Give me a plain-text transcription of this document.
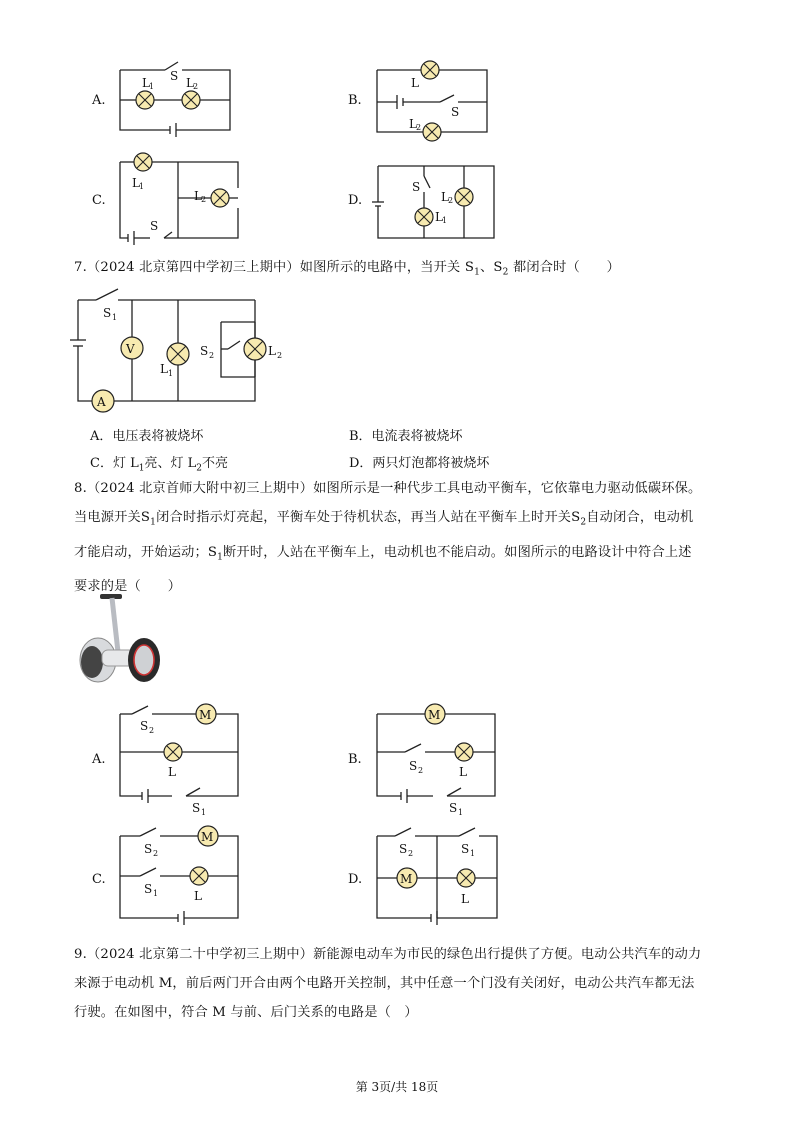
A.
S
L 1	L 2
B.
L
S
L 2
C.
L 1
L 2
S
D.
S
L 2
L 1
7.（2024 北京第四中学初三上期中）如图所示的电路中，当开关 $S_1$、$S_2$ 都闭合时（　　）
V
A
S 1
L 1
S 2	L 2
A．电压表将被烧坏	B．电流表将被烧坏
C．灯 $L_1$亮、灯 $L_2$不亮	D．两只灯泡都将被烧坏
8.（2024 北京首师大附中初三上期中）如图所示是一种代步工具电动平衡车，它依靠电力驱动低碳环保。
当电源开关$S_1$闭合时指示灯亮起，平衡车处于待机状态，再当人站在平衡车上时开关$S_2$自动闭合，电动机
才能启动，开始运动；$S_1$断开时，人站在平衡车上，电动机也不能启动。如图所示的电路设计中符合上述
要求的是（　　）
A.
M
S 2
L
S 1
B.
M
S 2	L
S 1
C.
M
S 2
S 1	L
D.	M
S 2	S 1
L
9.（2024 北京第二十中学初三上期中）新能源电动车为市民的绿色出行提供了方便。电动公共汽车的动力
来源于电动机 M，前后两门开合由两个电路开关控制，其中任意一个门没有关闭好，电动公共汽车都无法
行驶。在如图中，符合 M 与前、后门关系的电路是（　）
第 3页/共 18页
